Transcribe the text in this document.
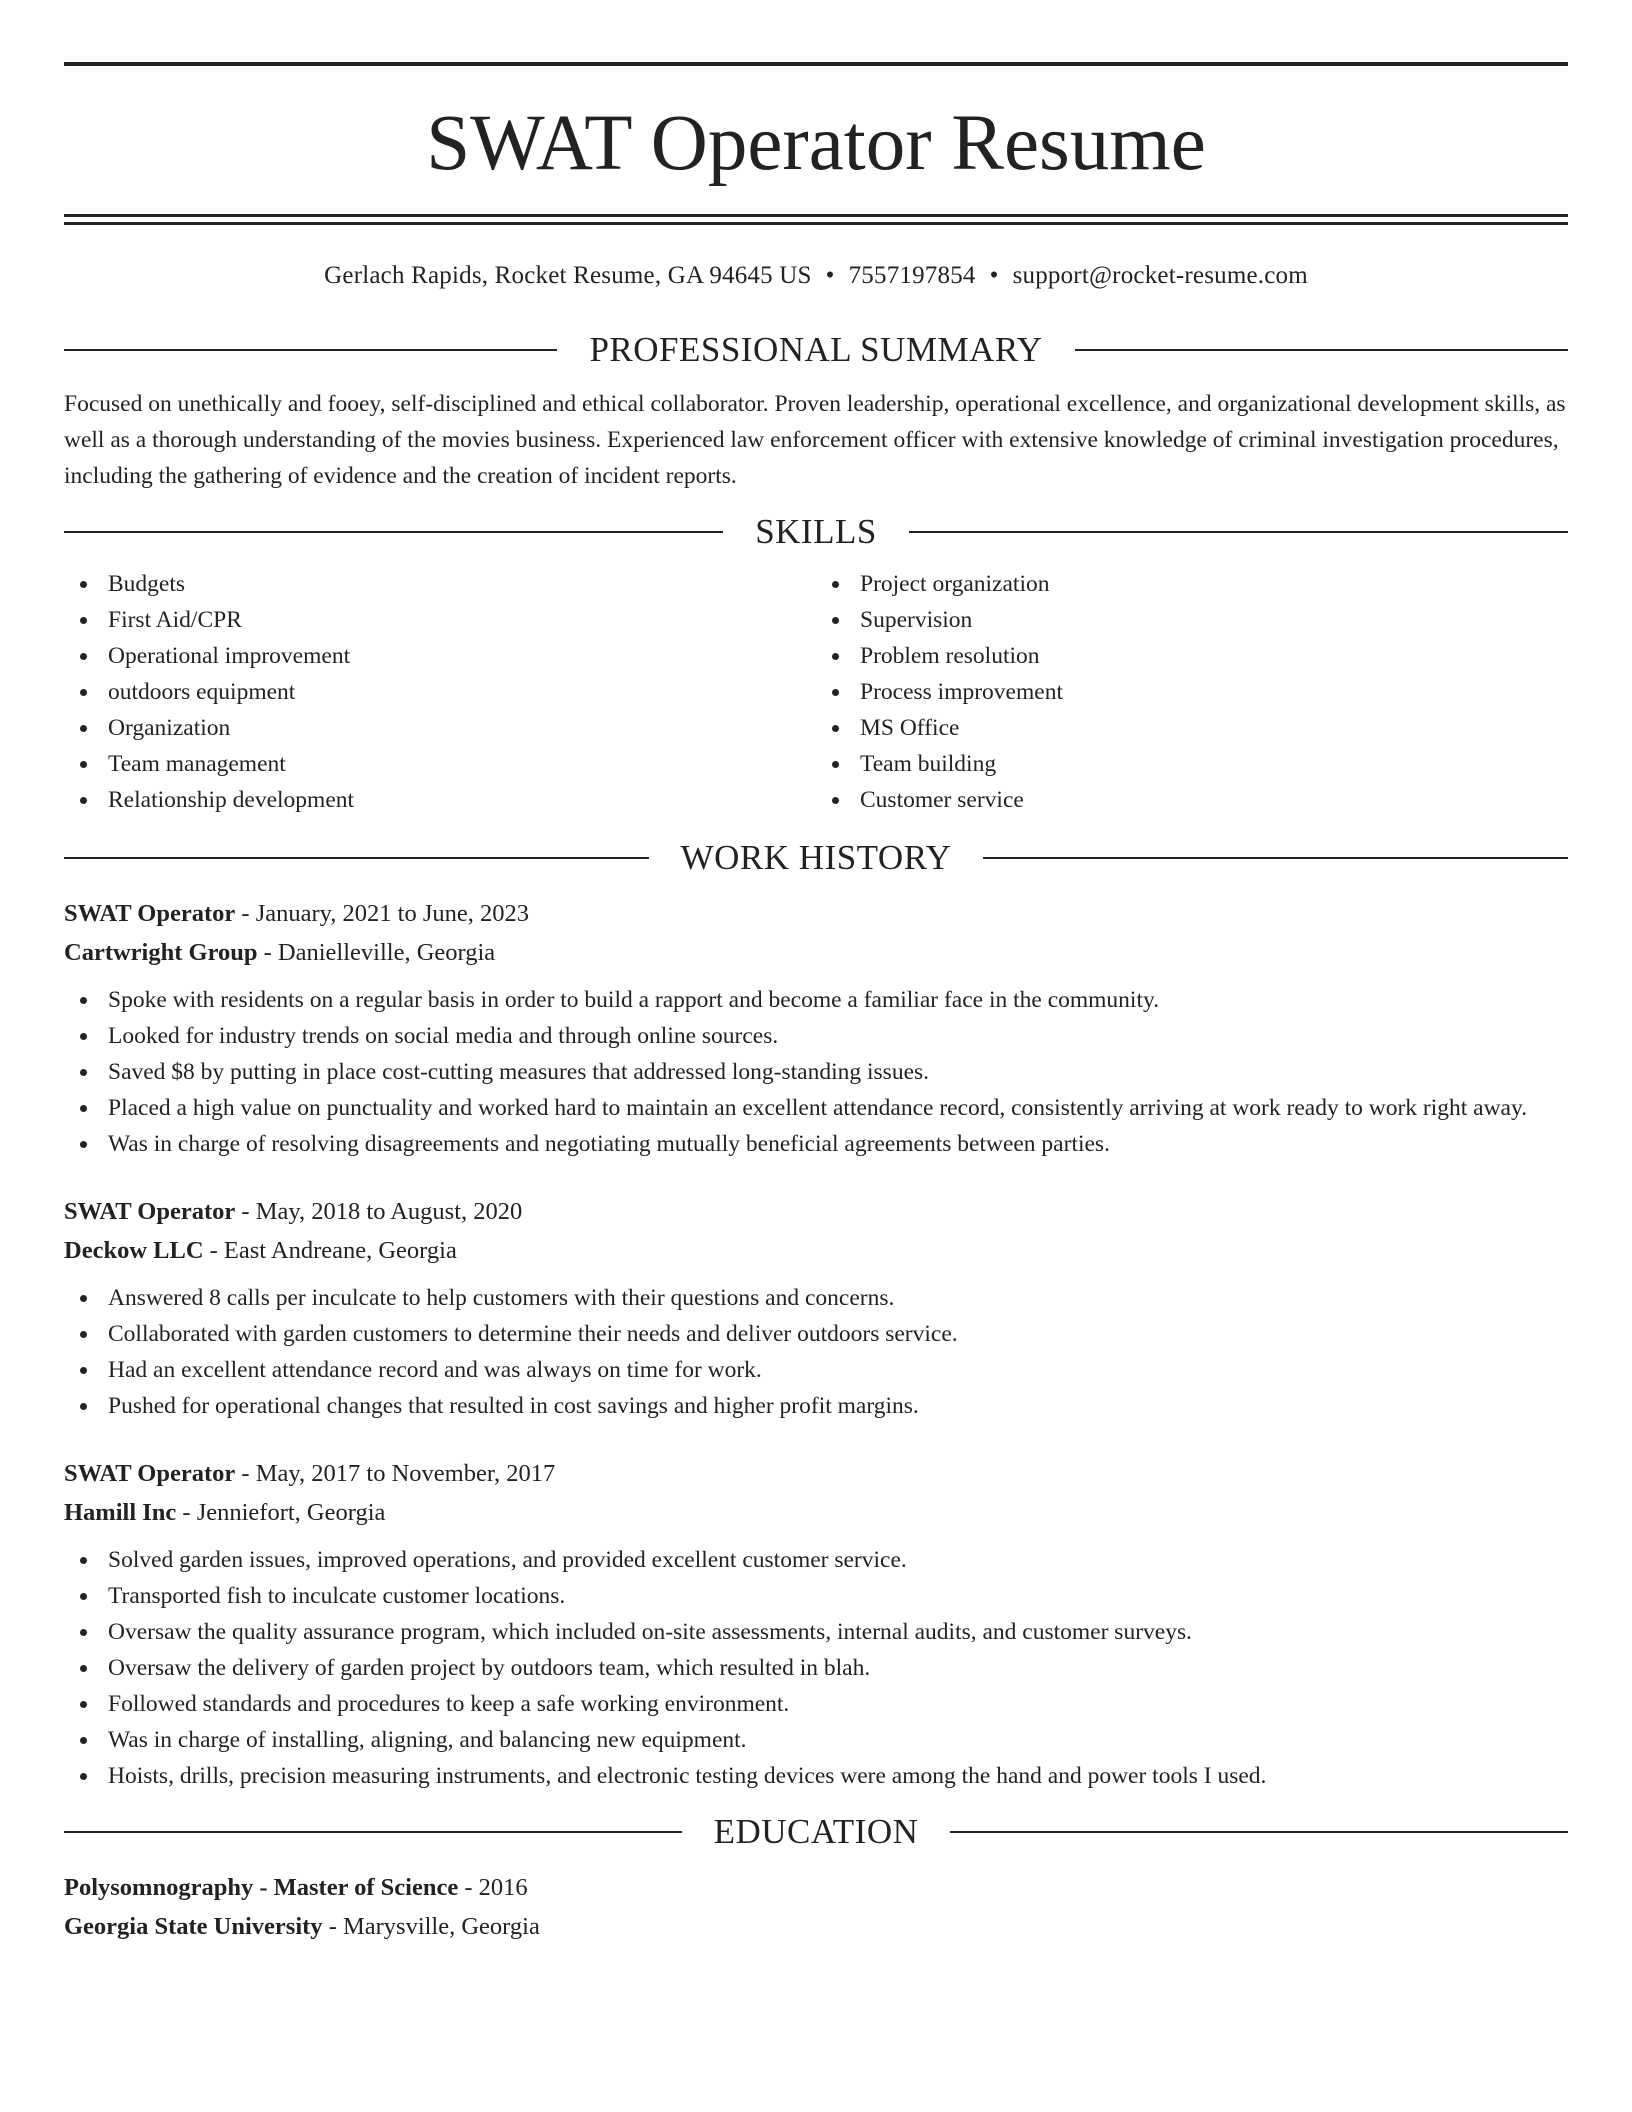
SWAT Operator Resume
Gerlach Rapids, Rocket Resume, GA 94645 US • 7557197854 • support@rocket-resume.com
PROFESSIONAL SUMMARY

Focused on unethically and fooey, self-disciplined and ethical collaborator. Proven leadership, operational excellence, and organizational development skills, as well as a thorough understanding of the movies business. Experienced law enforcement officer with extensive knowledge of criminal investigation procedures, including the gathering of evidence and the creation of incident reports.

SKILLS
Budgets
First Aid/CPR
Operational improvement
outdoors equipment
Organization
Team management
Relationship development
Project organization
Supervision
Problem resolution
Process improvement
MS Office
Team building
Customer service
WORK HISTORY
SWAT Operator - January, 2021 to June, 2023
Cartwright Group - Danielleville, Georgia
Spoke with residents on a regular basis in order to build a rapport and become a familiar face in the community.
Looked for industry trends on social media and through online sources.
Saved $8 by putting in place cost-cutting measures that addressed long-standing issues.
Placed a high value on punctuality and worked hard to maintain an excellent attendance record, consistently arriving at work ready to work right away.
Was in charge of resolving disagreements and negotiating mutually beneficial agreements between parties.
SWAT Operator - May, 2018 to August, 2020
Deckow LLC - East Andreane, Georgia
Answered 8 calls per inculcate to help customers with their questions and concerns.
Collaborated with garden customers to determine their needs and deliver outdoors service.
Had an excellent attendance record and was always on time for work.
Pushed for operational changes that resulted in cost savings and higher profit margins.
SWAT Operator - May, 2017 to November, 2017
Hamill Inc - Jenniefort, Georgia
Solved garden issues, improved operations, and provided excellent customer service.
Transported fish to inculcate customer locations.
Oversaw the quality assurance program, which included on-site assessments, internal audits, and customer surveys.
Oversaw the delivery of garden project by outdoors team, which resulted in blah.
Followed standards and procedures to keep a safe working environment.
Was in charge of installing, aligning, and balancing new equipment.
Hoists, drills, precision measuring instruments, and electronic testing devices were among the hand and power tools I used.
EDUCATION
Polysomnography - Master of Science - 2016
Georgia State University - Marysville, Georgia
